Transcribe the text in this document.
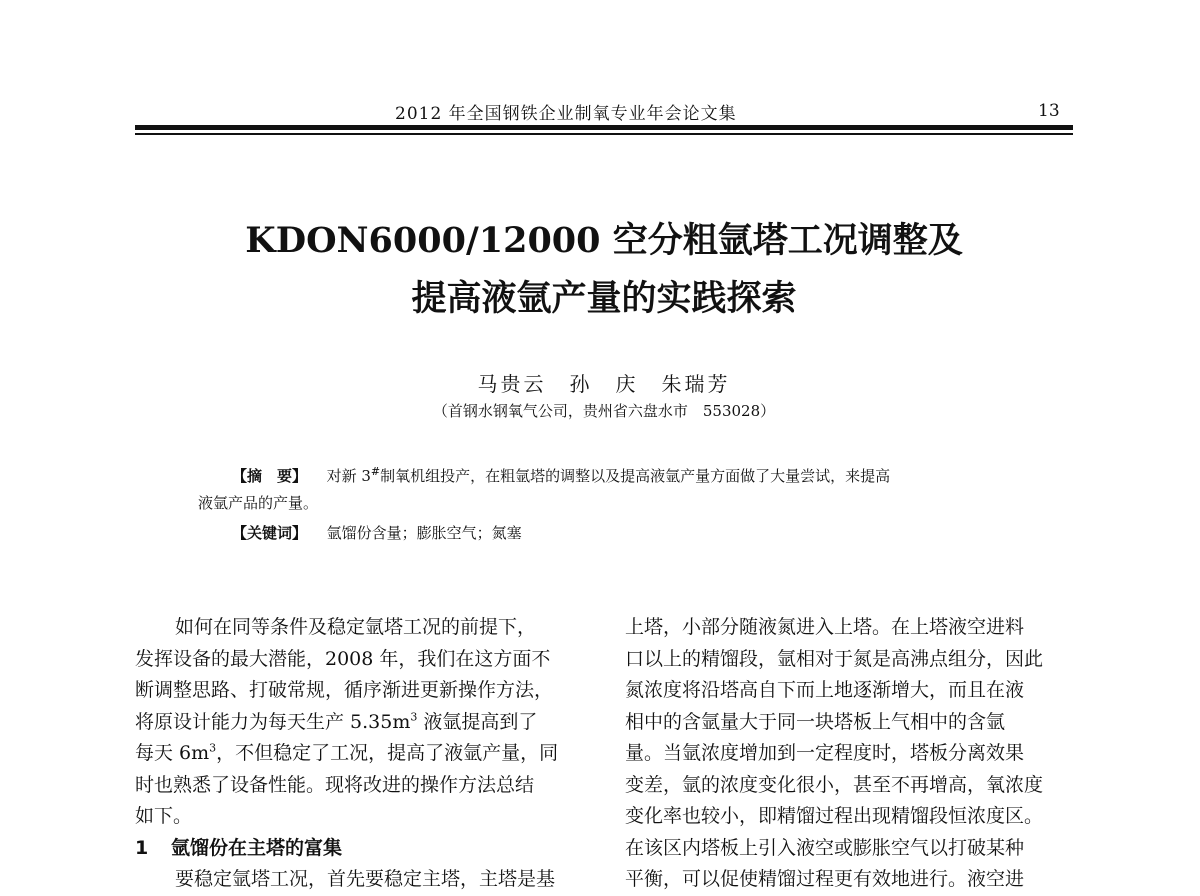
2012 年全国钢铁企业制氧专业年会论文集	13
KDON6000/12000 空分粗氩塔工况调整及
提高液氩产量的实践探索
马贵云　孙　庆　朱瑞芳
（首钢水钢氧气公司，贵州省六盘水市　553028）
【摘　要】 对新 3#制氧机组投产，在粗氩塔的调整以及提高液氩产量方面做了大量尝试，来提高
液氩产品的产量。
【关键词】 氩馏份含量；膨胀空气；氮塞
如何在同等条件及稳定氩塔工况的前提下，
发挥设备的最大潜能，2008 年，我们在这方面不
断调整思路、打破常规，循序渐进更新操作方法，
将原设计能力为每天生产 $5.35m^3$ 液氩提高到了
每天 $6m^3$，不但稳定了工况，提高了液氩产量，同
时也熟悉了设备性能。现将改进的操作方法总结
如下。
1 氩馏份在主塔的富集
要稳定氩塔工况，首先要稳定主塔，主塔是基
上塔，小部分随液氮进入上塔。在上塔液空进料
口以上的精馏段，氩相对于氮是高沸点组分，因此
氮浓度将沿塔高自下而上地逐渐增大，而且在液
相中的含氩量大于同一块塔板上气相中的含氩
量。当氩浓度增加到一定程度时，塔板分离效果
变差，氩的浓度变化很小，甚至不再增高，氧浓度
变化率也较小，即精馏过程出现精馏段恒浓度区。
在该区内塔板上引入液空或膨胀空气以打破某种
平衡，可以促使精馏过程更有效地进行。液空进
